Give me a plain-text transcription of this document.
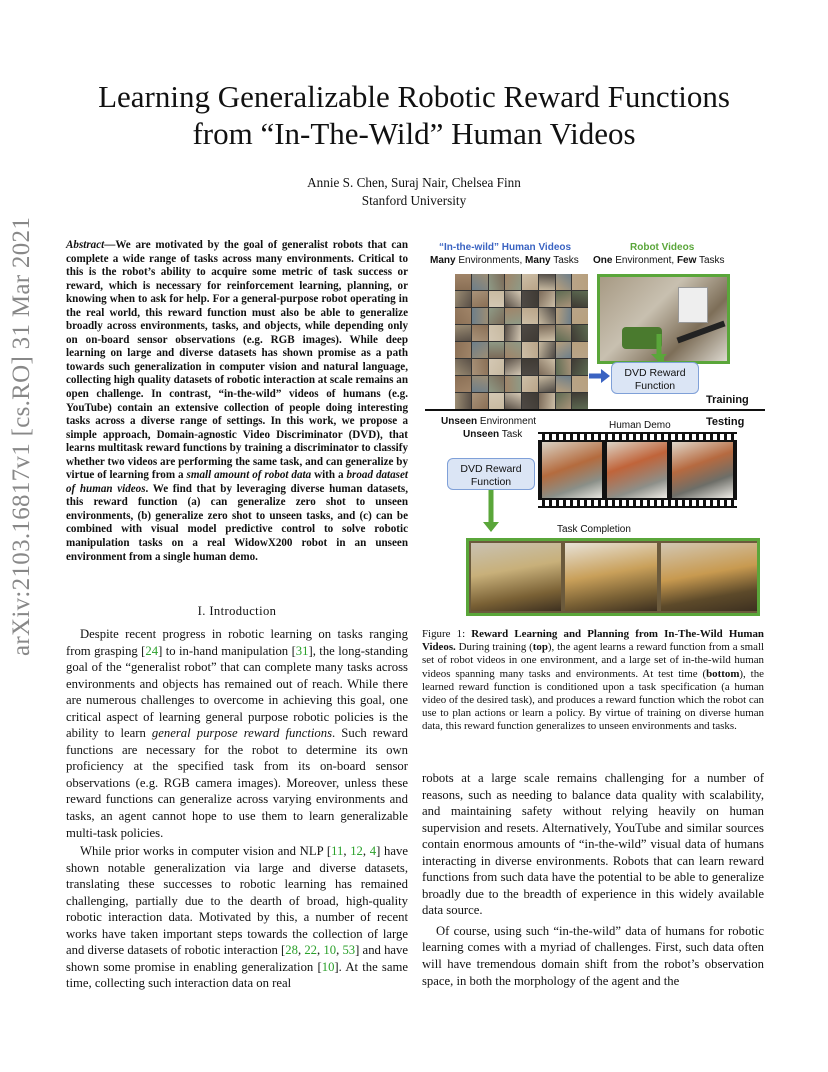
Learning Generalizable Robotic Reward Functions
from “In-The-Wild” Human Videos
Annie S. Chen, Suraj Nair, Chelsea Finn
Stanford University
arXiv:2103.16817v1 [cs.RO] 31 Mar 2021	Abstract—We are motivated by the goal of generalist robots that can complete a wide range of tasks across many environments. Critical to this is the robot’s ability to acquire some metric of task success or reward, which is necessary for reinforcement learning, planning, or knowing when to ask for help. For a general-purpose robot operating in the real world, this reward function must also be able to generalize broadly across environments, tasks, and objects, while depending only on on-board sensor observations (e.g. RGB images). While deep learning on large and diverse datasets has shown promise as a path towards such generalization in computer vision and natural language, collecting high quality datasets of robotic interaction at scale remains an open challenge. In contrast, “in-the-wild” videos of humans (e.g. YouTube) contain an extensive collection of people doing interesting tasks across a diverse range of settings. In this work, we propose a simple approach, Domain-agnostic Video Discriminator (DVD), that learns multitask reward functions by training a discriminator to classify whether two videos are performing the same task, and can generalize by virtue of learning from a small amount of robot data with a broad dataset of human videos. We find that by leveraging diverse human datasets, this reward function (a) can generalize zero shot to unseen environments, (b) generalize zero shot to unseen tasks, and (c) can be combined with visual model predictive control to solve robotic manipulation tasks on a real WidowX200 robot in an unseen environment from a single human demo.
I. Introduction

Despite recent progress in robotic learning on tasks ranging from grasping [24] to in-hand manipulation [31], the long-standing goal of the “generalist robot” that can complete many tasks across environments and objects has remained out of reach. While there are numerous challenges to overcome in achieving this goal, one critical aspect of learning general purpose robotic policies is the ability to learn general purpose reward functions. Such reward functions are necessary for the robot to determine its own proficiency at the specified task from its on-board sensor observations (e.g. RGB camera images). Moreover, unless these reward functions can generalize across varying environments and tasks, an agent cannot hope to use them to learn generalizable multi-task policies.

While prior works in computer vision and NLP [11, 12, 4] have shown notable generalization via large and diverse datasets, translating these successes to robotic learning has remained challenging, partially due to the dearth of broad, high-quality robotic interaction data. Motivated by this, a number of recent works have taken important steps towards the collection of large and diverse datasets of robotic interaction [28, 22, 10, 53] and have shown some promise in enabling generalization [10]. At the same time, collecting such interaction data on real

“In-the-wild” Human Videos
Many Environments, Many Tasks
Robot Videos
One Environment, Few Tasks
DVD Reward
Function
Training
Testing
Unseen Environment
Unseen Task
Human Demo
DVD Reward
Function
Task Completion
Figure 1: Reward Learning and Planning from In-The-Wild Human Videos. During training (top), the agent learns a reward function from a small set of robot videos in one environment, and a large set of in-the-wild human videos spanning many tasks and environments. At test time (bottom), the learned reward function is conditioned upon a task specification (a human video of the desired task), and produces a reward function which the robot can use to plan actions or learn a policy. By virtue of training on diverse human data, this reward function generalizes to unseen environments and tasks.

robots at a large scale remains challenging for a number of reasons, such as needing to balance data quality with scalability, and maintaining safety without relying heavily on human supervision and resets. Alternatively, YouTube and similar sources contain enormous amounts of “in-the-wild” visual data of humans interacting in diverse environments. Robots that can learn reward functions from such data have the potential to be able to generalize broadly due to the breadth of experience in this widely available data source.

Of course, using such “in-the-wild” data of humans for robotic learning comes with a myriad of challenges. First, such data often will have tremendous domain shift from the robot’s observation space, in both the morphology of the agent and the
